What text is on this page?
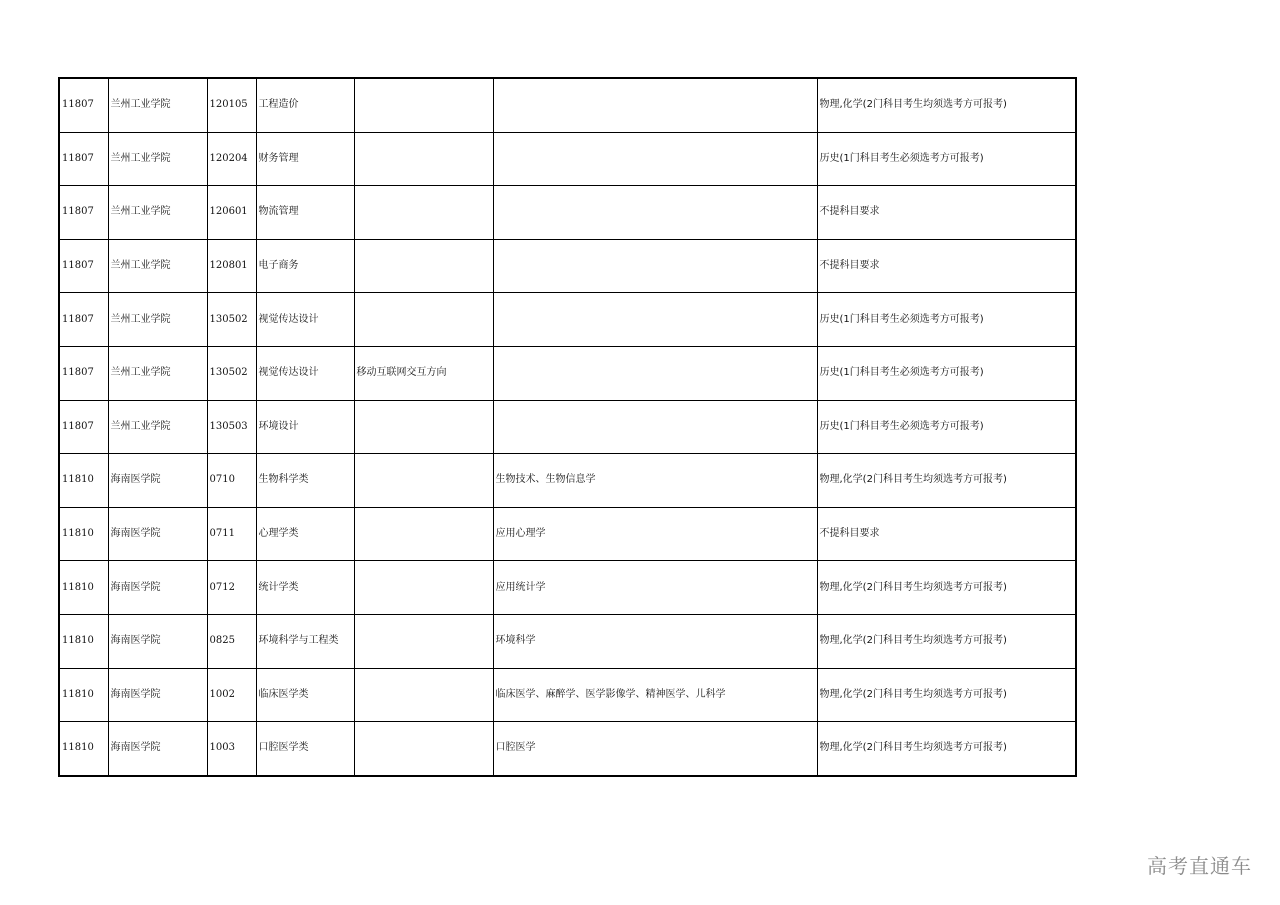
11807	兰州工业学院	120105	工程造价			物理,化学(2门科目考生均须选考方可报考)
11807	兰州工业学院	120204	财务管理			历史(1门科目考生必须选考方可报考)
11807	兰州工业学院	120601	物流管理			不提科目要求
11807	兰州工业学院	120801	电子商务			不提科目要求
11807	兰州工业学院	130502	视觉传达设计			历史(1门科目考生必须选考方可报考)
11807	兰州工业学院	130502	视觉传达设计	移动互联网交互方向		历史(1门科目考生必须选考方可报考)
11807	兰州工业学院	130503	环境设计			历史(1门科目考生必须选考方可报考)
11810	海南医学院	0710	生物科学类		生物技术、生物信息学	物理,化学(2门科目考生均须选考方可报考)
11810	海南医学院	0711	心理学类		应用心理学	不提科目要求
11810	海南医学院	0712	统计学类		应用统计学	物理,化学(2门科目考生均须选考方可报考)
11810	海南医学院	0825	环境科学与工程类		环境科学	物理,化学(2门科目考生均须选考方可报考)
11810	海南医学院	1002	临床医学类		临床医学、麻醉学、医学影像学、精神医学、儿科学	物理,化学(2门科目考生均须选考方可报考)
11810	海南医学院	1003	口腔医学类		口腔医学	物理,化学(2门科目考生均须选考方可报考)
高考直通车
